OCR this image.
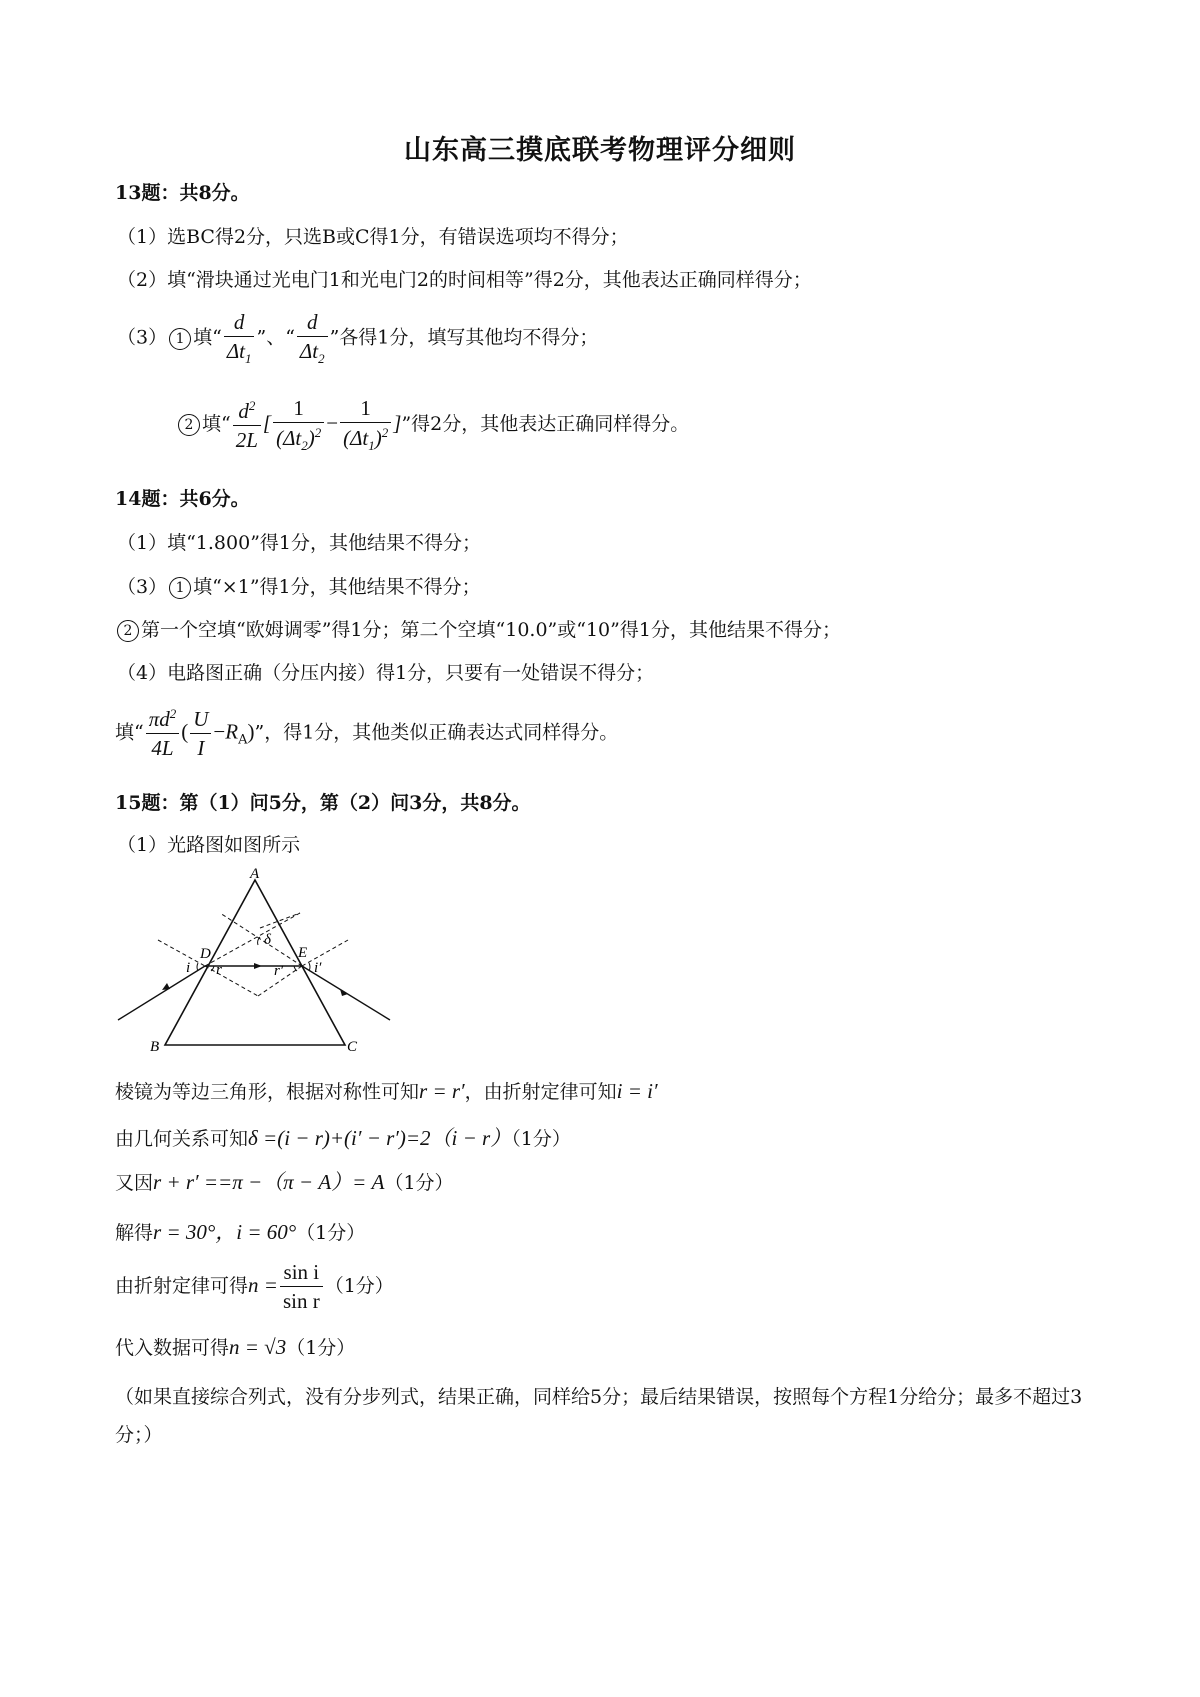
山东高三摸底联考物理评分细则
13题：共8分。
（1）选BC得2分，只选B或C得1分，有错误选项均不得分；
（2）填“滑块通过光电门1和光电门2的时间相等”得2分，其他表达正确同样得分；
（3） 1 填“ $\frac{d}{\Delta t_1}$ ”、“ $\frac{d}{\Delta t_2}$ ”各得1分，填写其他均不得分；
2 填“ $\frac{d^2}{2L}$ [ $\frac{1}{(\Delta t_2)^2} - \frac{1}{(\Delta t_1)^2}$ ]”得2分，其他表达正确同样得分。
14题：共6分。
（1）填“1.800”得1分，其他结果不得分；
（3） 1 填“×1”得1分，其他结果不得分；
2 第一个空填“欧姆调零”得1分；第二个空填“10.0”或“10”得1分，其他结果不得分；
（4）电路图正确（分压内接）得1分，只要有一处错误不得分；
填“ $\frac{\pi d^2}{4L}$ ( $\frac{U}{I} -R_A$)”，得1分，其他类似正确表达式同样得分。
15题：第（1）问5分，第（2）问3分，共8分。
（1）光路图如图所示
A
B	C
D	E
i r	r′ i′
δ
棱镜为等边三角形，根据对称性可知r = r′，由折射定律可知i = i′
由几何关系可知δ =(i − r)+(i′ − r′)=2（i − r）（1分）
又因r + r′ ==π −（π − A）= A（1分）
解得r = 30°，i = 60°（1分）
由折射定律可得$n = \frac{\text{sin i}}{\text{sin r}} (1$分）
代入数据可得n = √3（1分）
（如果直接综合列式，没有分步列式，结果正确，同样给5分；最后结果错误，按照每个方程1分给分；最多不超过3分；）
